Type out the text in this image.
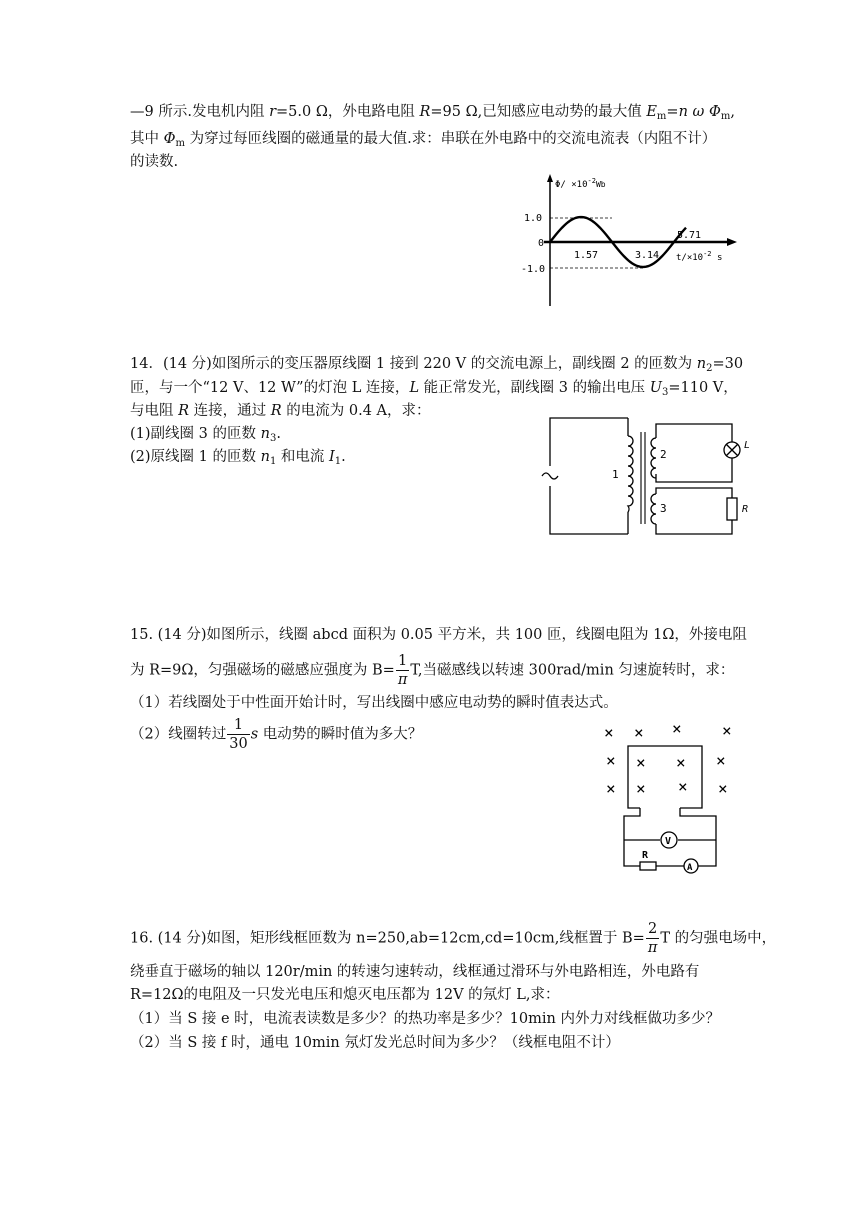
—9 所示.发电机内阻 r=5.0 Ω，外电路电阻 R=95 Ω,已知感应电动势的最大值 $E_m=n$ ω $\Phi_m$,
其中 $\Phi_m$ 为穿过每匝线圈的磁通量的最大值.求：串联在外电路中的交流电流表（内阻不计）
的读数.
$\Phi/ \times 10^{-2}Wb$
1.0
0
-1.0
1.57	3.14
5.71
$t/\times 10^{-2}$ s
14．(14 分)如图所示的变压器原线圈 1 接到 220 V 的交流电源上，副线圈 2 的匝数为 $n_2=30$
匝，与一个“12 V、12 W”的灯泡 L 连接，L 能正常发光，副线圈 3 的输出电压 $U_3=110$ V，
与电阻 R 连接，通过 R 的电流为 0.4 A，求：
(1)副线圈 3 的匝数 $n_3$.
(2)原线圈 1 的匝数 $n_1$ 和电流 $I_1$.
1
2
3
L
R
15. (14 分)如图所示，线圈 abcd 面积为 0.05 平方米，共 100 匝，线圈电阻为 1Ω，外接电阻
为 R=9Ω，匀强磁场的磁感应强度为 $B= \frac{1}{\pi} T$,当磁感线以转速 300rad/min 匀速旋转时，求：
（1）若线圈处于中性面开始计时，写出线圈中感应电动势的瞬时值表达式。
（2）线圈转过 $\frac{1}{30}$ s 电动势的瞬时值为多大？	× × ×	×
×	×
× ×
× × × ×
V
A
R
16. (14 分)如图，矩形线框匝数为 n=250,ab=12cm,cd=10cm,线框置于 $B= \frac{2}{\pi}$ T 的匀强电场中，
绕垂直于磁场的轴以 120r/min 的转速匀速转动，线框通过滑环与外电路相连，外电路有
R=12Ω的电阻及一只发光电压和熄灭电压都为 12V 的氖灯 L,求：
（1）当 S 接 e 时，电流表读数是多少？的热功率是多少？10min 内外力对线框做功多少？
（2）当 S 接 f 时，通电 10min 氖灯发光总时间为多少？（线框电阻不计）
